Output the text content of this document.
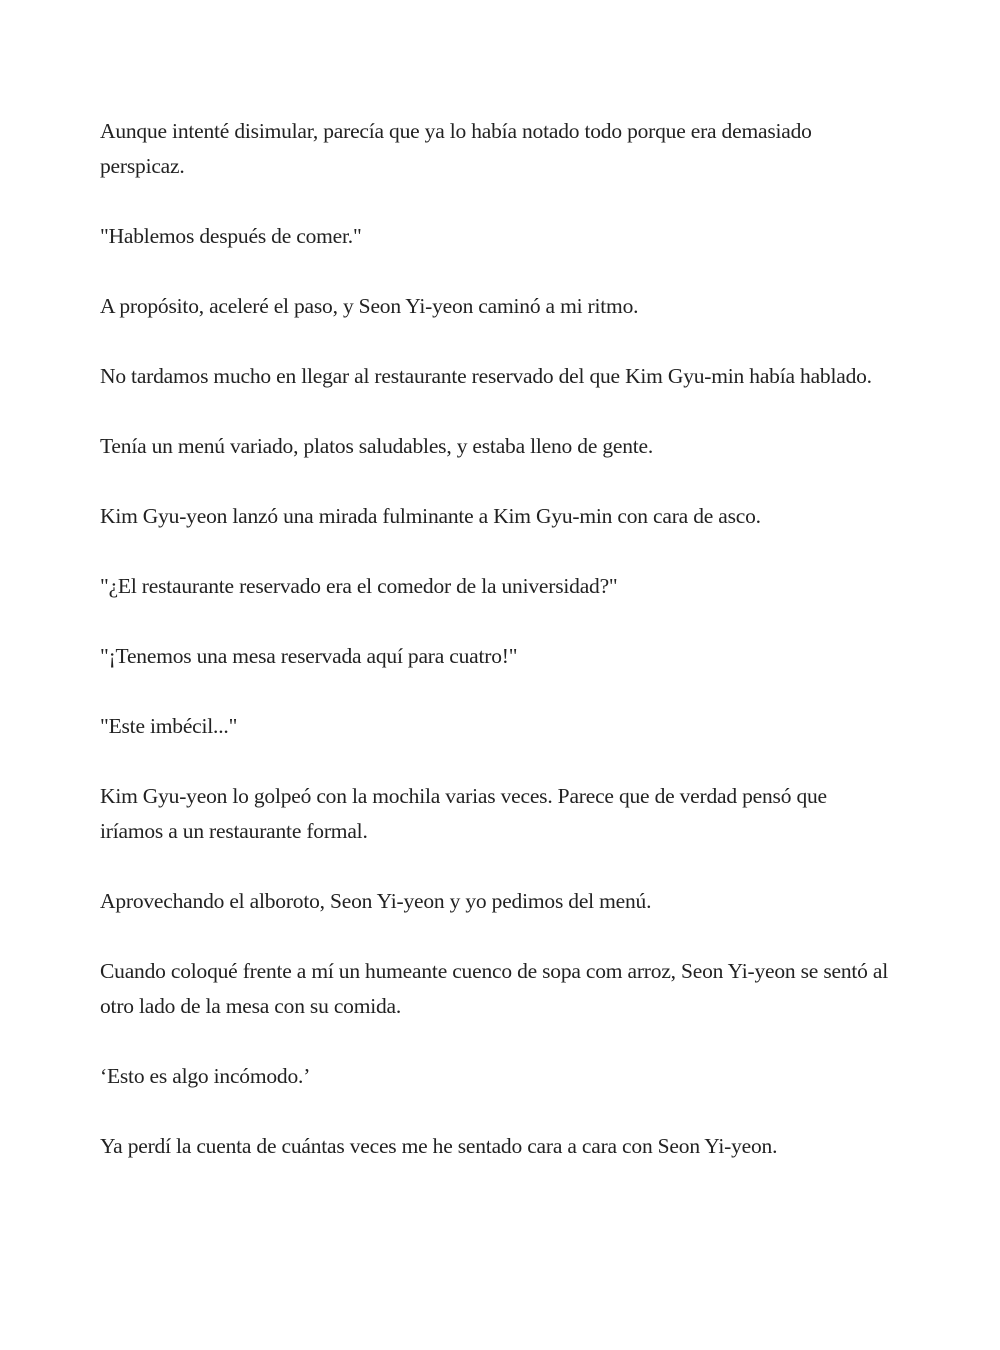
Aunque intenté disimular, parecía que ya lo había notado todo porque era demasiado perspicaz.

"Hablemos después de comer."

A propósito, aceleré el paso, y Seon Yi-yeon caminó a mi ritmo.

No tardamos mucho en llegar al restaurante reservado del que Kim Gyu-min había hablado.

Tenía un menú variado, platos saludables, y estaba lleno de gente.

Kim Gyu-yeon lanzó una mirada fulminante a Kim Gyu-min con cara de asco.

"¿El restaurante reservado era el comedor de la universidad?"

"¡Tenemos una mesa reservada aquí para cuatro!"

"Este imbécil..."

Kim Gyu-yeon lo golpeó con la mochila varias veces. Parece que de verdad pensó que iríamos a un restaurante formal.

Aprovechando el alboroto, Seon Yi-yeon y yo pedimos del menú.

Cuando coloqué frente a mí un humeante cuenco de sopa com arroz, Seon Yi-yeon se sentó al otro lado de la mesa con su comida.

‘Esto es algo incómodo.’

Ya perdí la cuenta de cuántas veces me he sentado cara a cara con Seon Yi-yeon.
